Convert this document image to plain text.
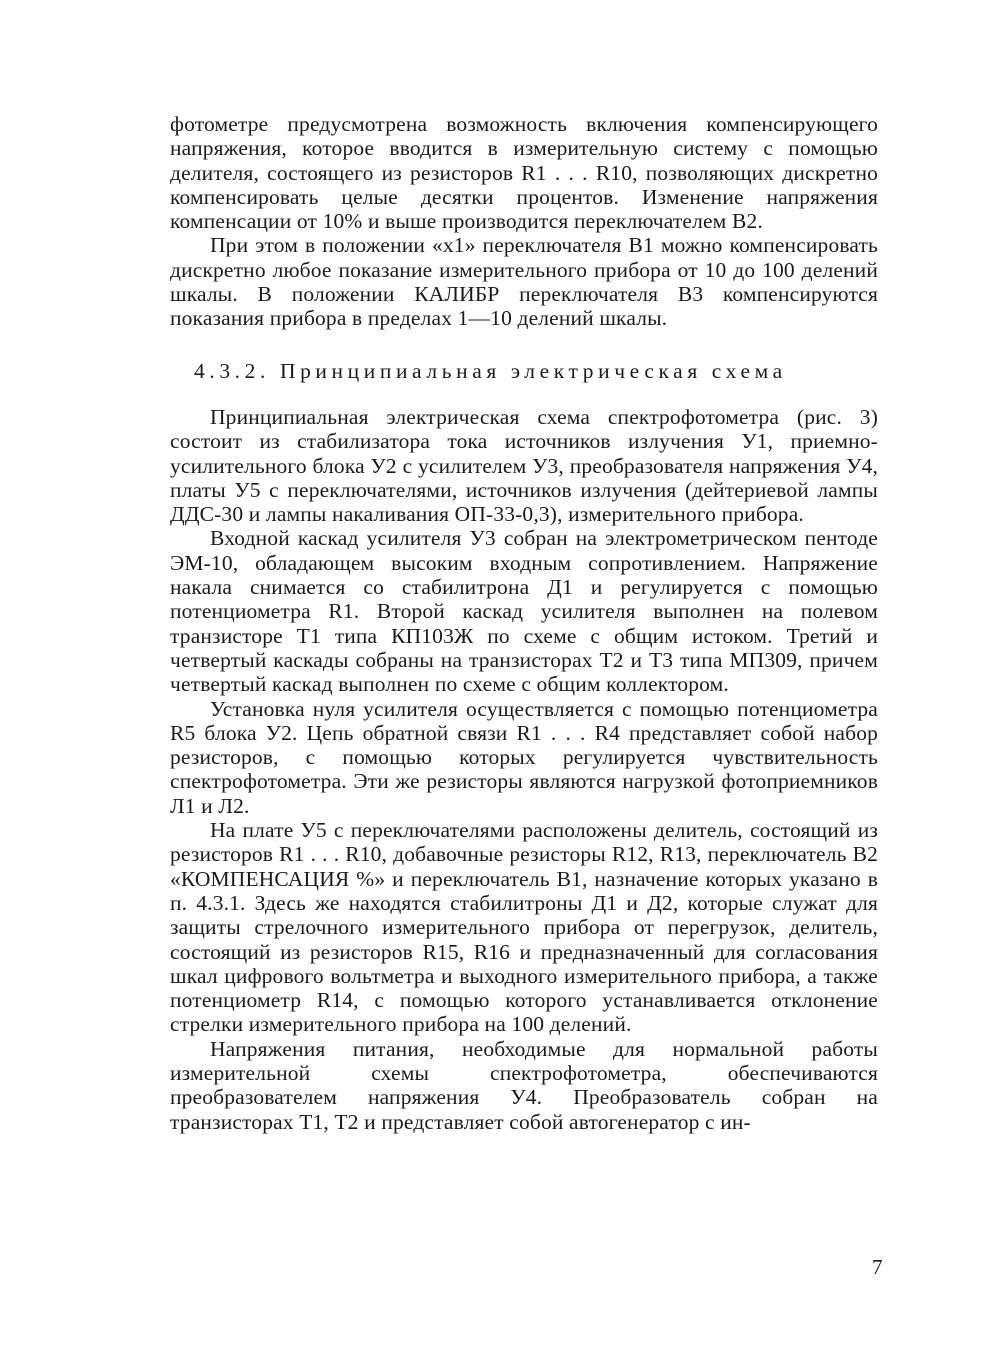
фотометре предусмотрена возможность включения компенсирующего напряжения, которое вводится в измерительную систему с помощью делителя, состоящего из резисторов R1 . . . R10, позволяющих дискретно компенсировать целые десятки процентов. Изменение напряжения компенсации от 10% и выше производится переключателем В2.

При этом в положении «х1» переключателя В1 можно компенсировать дискретно любое показание измерительного прибора от 10 до 100 делений шкалы. В положении КАЛИБР переключателя В3 компенсируются показания прибора в пределах 1—10 делений шкалы.

4.3.2. Принципиальная электрическая схема

Принципиальная электрическая схема спектрофотометра (рис. 3) состоит из стабилизатора тока источников излучения У1, приемно-усилительного блока У2 с усилителем У3, преобразователя напряжения У4, платы У5 с переключателями, источников излучения (дейтериевой лампы ДДС-30 и лампы накаливания ОП-33-0,3), измерительного прибора.

Входной каскад усилителя У3 собран на электрометрическом пентоде ЭМ-10, обладающем высоким входным сопротивлением. Напряжение накала снимается со стабилитрона Д1 и регулируется с помощью потенциометра R1. Второй каскад усилителя выполнен на полевом транзисторе Т1 типа КП103Ж по схеме с общим истоком. Третий и четвертый каскады собраны на транзисторах Т2 и Т3 типа МП309, причем четвертый каскад выполнен по схеме с общим коллектором.

Установка нуля усилителя осуществляется с помощью потенциометра R5 блока У2. Цепь обратной связи R1 . . . R4 представляет собой набор резисторов, с помощью которых регулируется чувствительность спектрофотометра. Эти же резисторы являются нагрузкой фотоприемников Л1 и Л2.

На плате У5 с переключателями расположены делитель, состоящий из резисторов R1 . . . R10, добавочные резисторы R12, R13, переключатель В2 «КОМПЕНСАЦИЯ %» и переключатель В1, назначение которых указано в п. 4.3.1. Здесь же находятся стабилитроны Д1 и Д2, которые служат для защиты стрелочного измерительного прибора от перегрузок, делитель, состоящий из резисторов R15, R16 и предназначенный для согласования шкал цифрового вольтметра и выходного измерительного прибора, а также потенциометр R14, с помощью которого устанавливается отклонение стрелки измерительного прибора на 100 делений.

Напряжения питания, необходимые для нормальной работы измерительной схемы спектрофотометра, обеспечиваются преобразователем напряжения У4. Преобразователь собран на транзисторах Т1, Т2 и представляет собой автогенератор с ин-

7
